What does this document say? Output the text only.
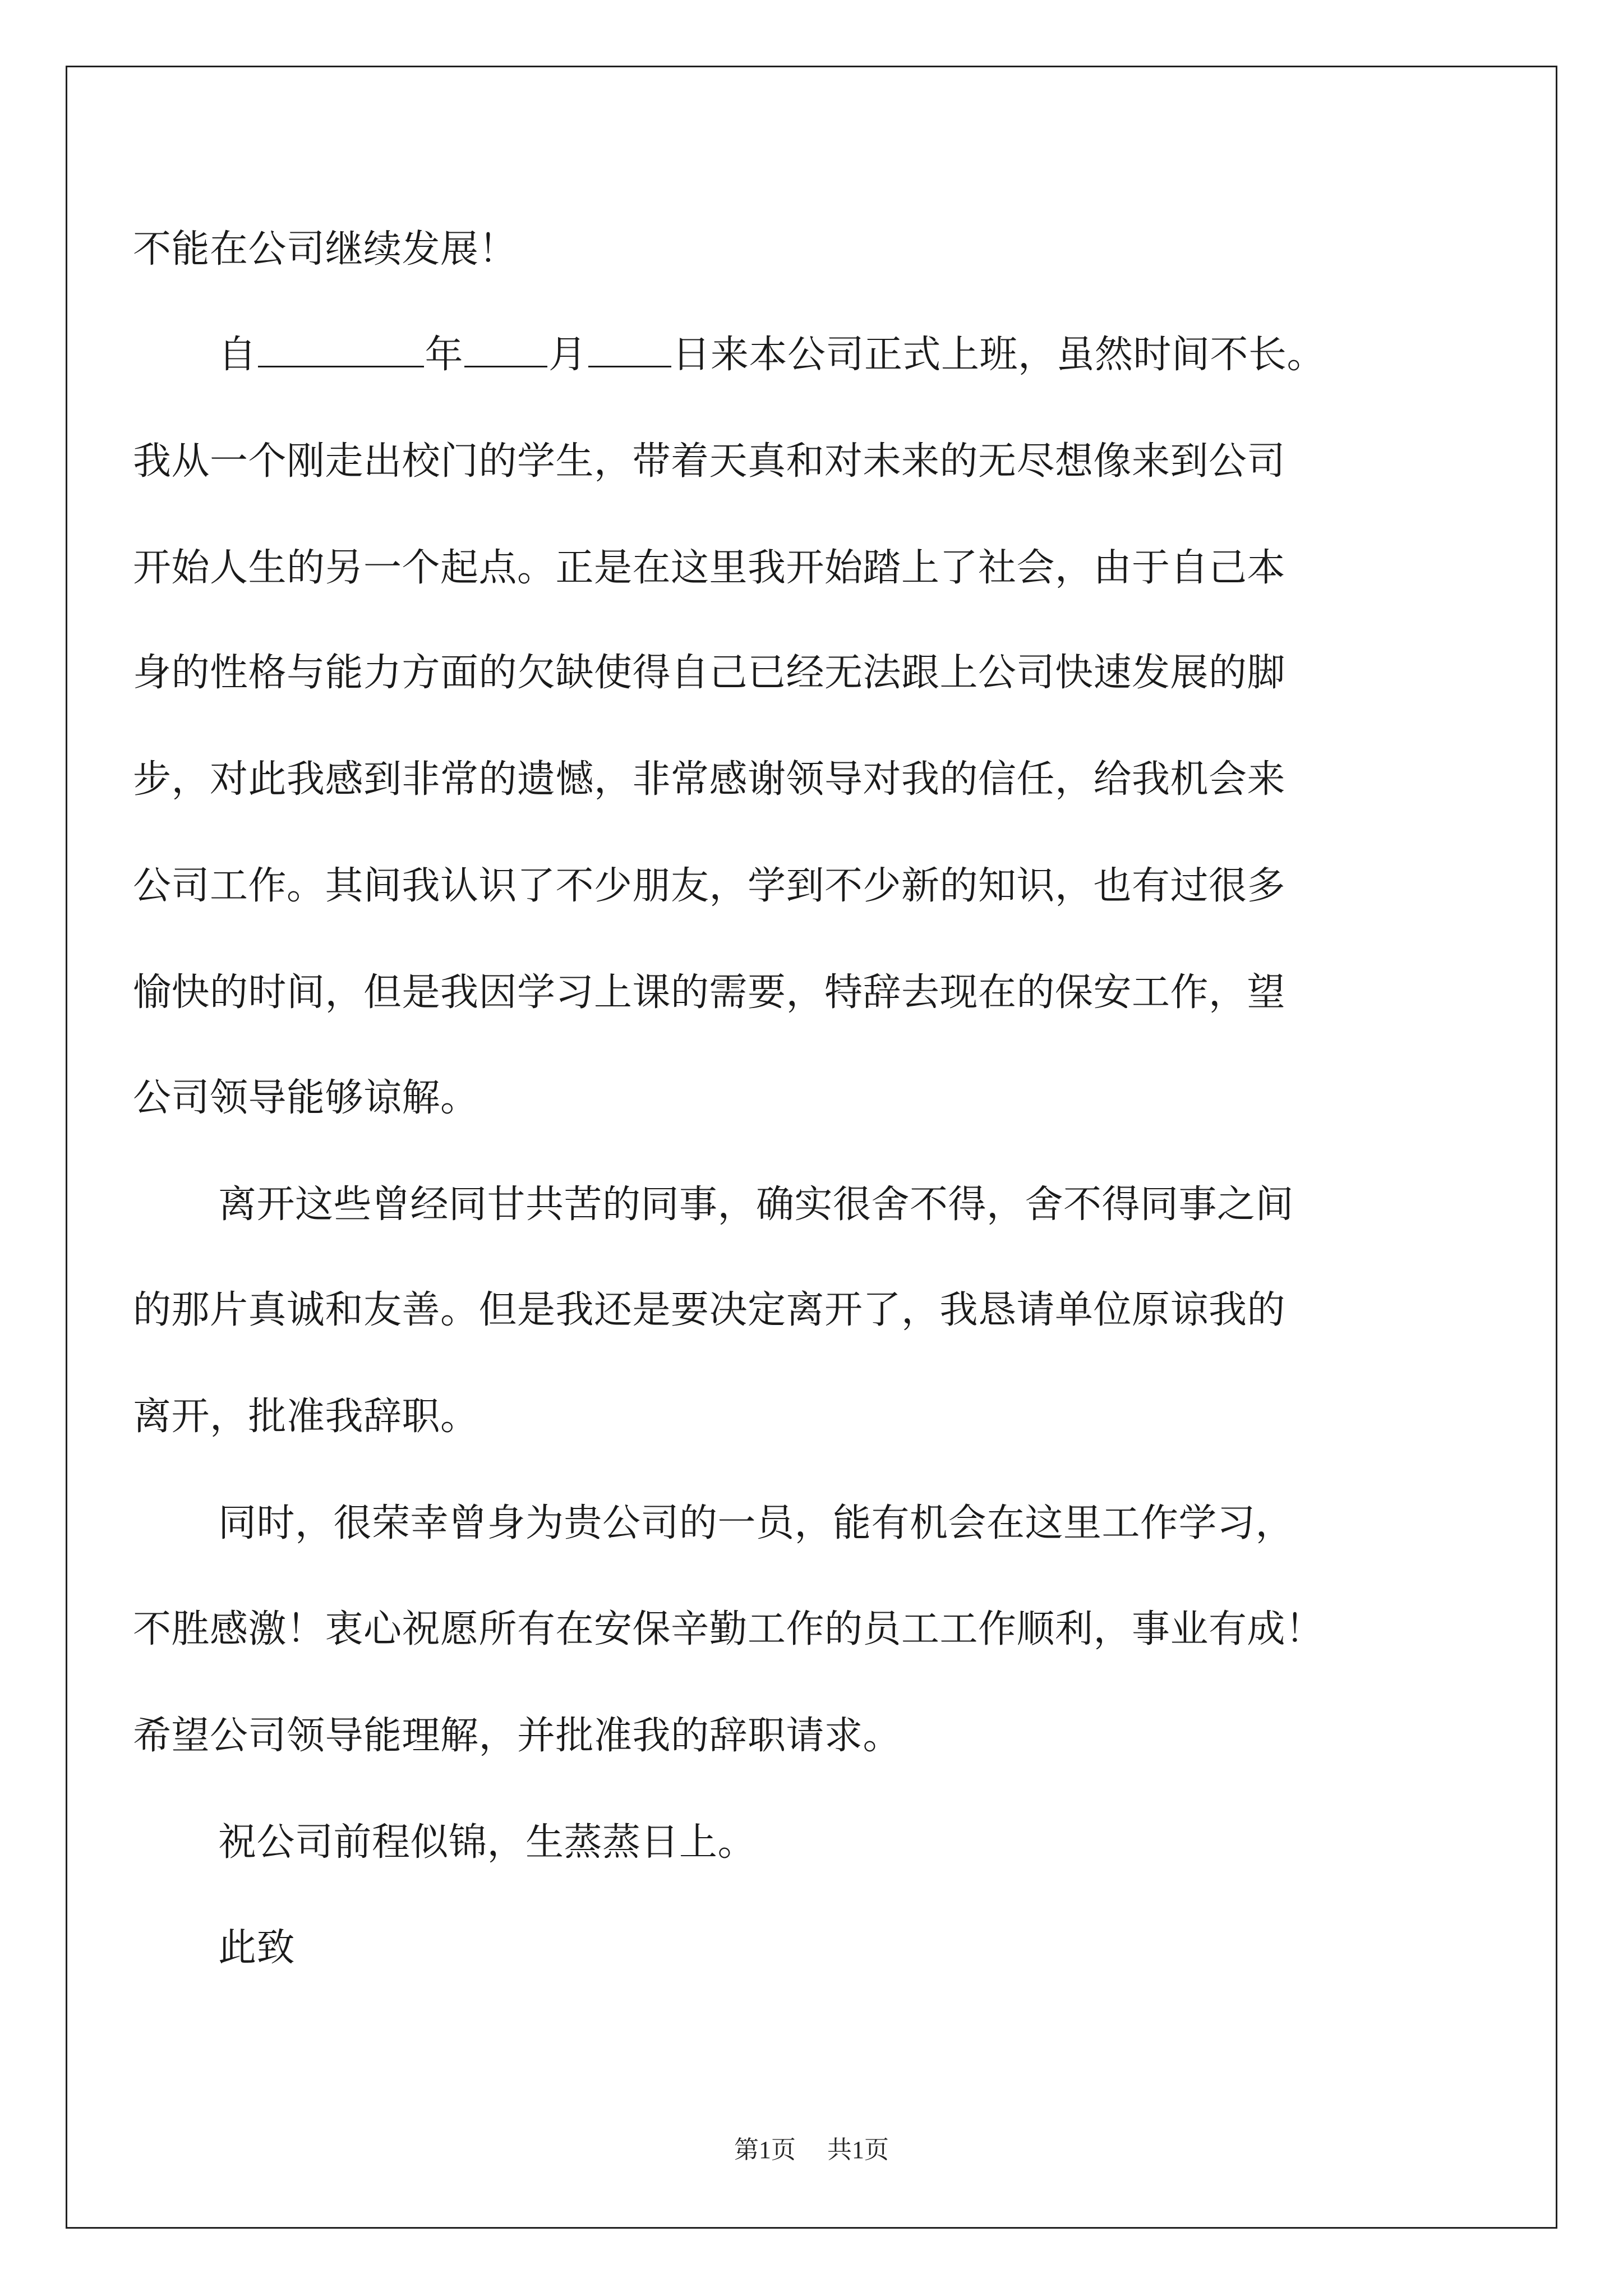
不能在公司继续发展！
自	年 月 日来本公司正式上班，虽然时间不长。
我从一个刚走出校门的学生，带着天真和对未来的无尽想像来到公司
开始人生的另一个起点。正是在这里我开始踏上了社会，由于自己本
身的性格与能力方面的欠缺使得自己已经无法跟上公司快速发展的脚
步，对此我感到非常的遗憾，非常感谢领导对我的信任，给我机会来
公司工作。其间我认识了不少朋友，学到不少新的知识，也有过很多
愉快的时间，但是我因学习上课的需要，特辞去现在的保安工作，望
公司领导能够谅解。
离开这些曾经同甘共苦的同事，确实很舍不得，舍不得同事之间
的那片真诚和友善。但是我还是要决定离开了，我恳请单位原谅我的
离开，批准我辞职。
同时，很荣幸曾身为贵公司的一员，能有机会在这里工作学习，
不胜感激！衷心祝愿所有在安保辛勤工作的员工工作顺利，事业有成！
希望公司领导能理解，并批准我的辞职请求。
祝公司前程似锦，生蒸蒸日上。
此致
第1页 共1页
